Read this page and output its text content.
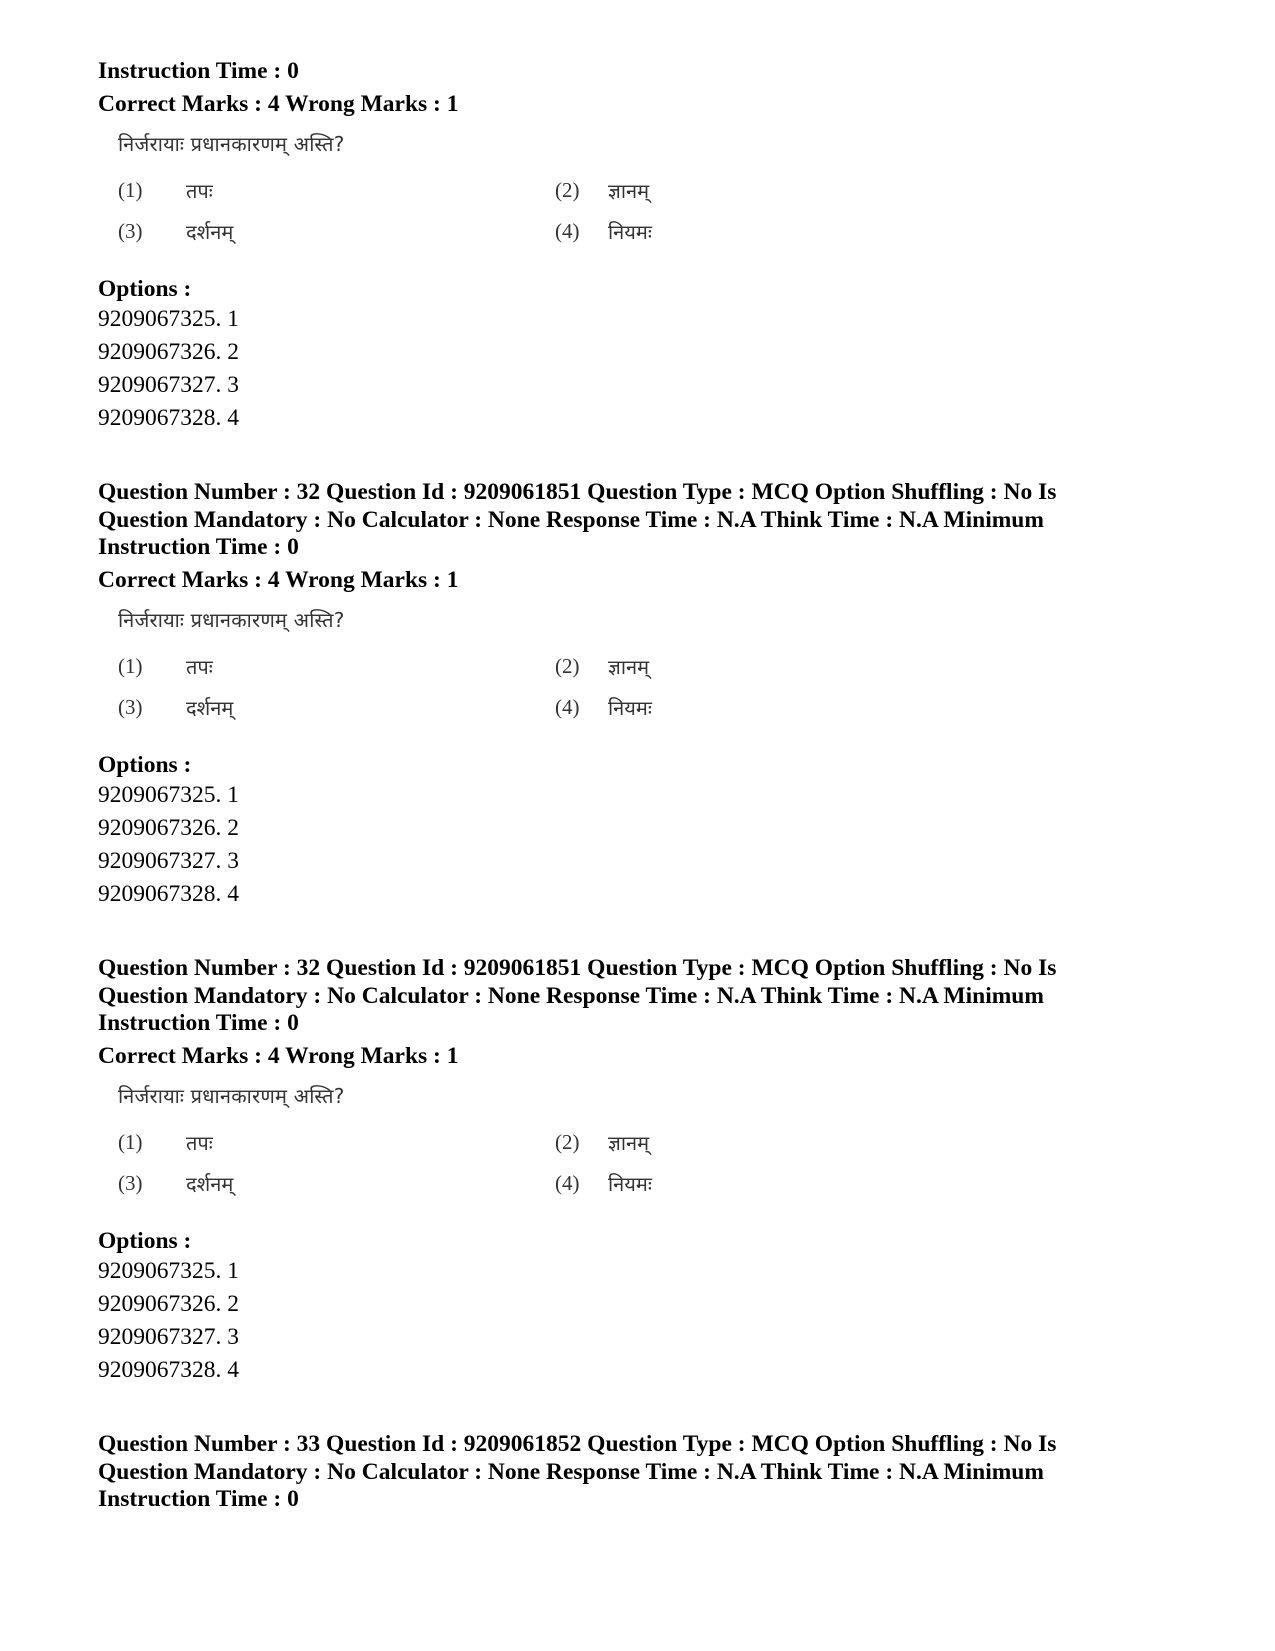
Instruction Time : 0
Correct Marks : 4 Wrong Marks : 1
निर्जरायाः प्रधानकारणम् अस्ति?
(1) तपः	(2) ज्ञानम्
(3) दर्शनम्	(4) नियमः
Options :
9209067325. 1
9209067326. 2
9209067327. 3
9209067328. 4
Question Number : 32 Question Id : 9209061851 Question Type : MCQ Option Shuffling : No Is
Question Mandatory : No Calculator : None Response Time : N.A Think Time : N.A Minimum
Instruction Time : 0
Correct Marks : 4 Wrong Marks : 1
निर्जरायाः प्रधानकारणम् अस्ति?
(1) तपः	(2) ज्ञानम्
(3) दर्शनम्	(4) नियमः
Options :
9209067325. 1
9209067326. 2
9209067327. 3
9209067328. 4
Question Number : 32 Question Id : 9209061851 Question Type : MCQ Option Shuffling : No Is
Question Mandatory : No Calculator : None Response Time : N.A Think Time : N.A Minimum
Instruction Time : 0
Correct Marks : 4 Wrong Marks : 1
निर्जरायाः प्रधानकारणम् अस्ति?
(1) तपः	(2) ज्ञानम्
(3) दर्शनम्	(4) नियमः
Options :
9209067325. 1
9209067326. 2
9209067327. 3
9209067328. 4
Question Number : 33 Question Id : 9209061852 Question Type : MCQ Option Shuffling : No Is
Question Mandatory : No Calculator : None Response Time : N.A Think Time : N.A Minimum
Instruction Time : 0
